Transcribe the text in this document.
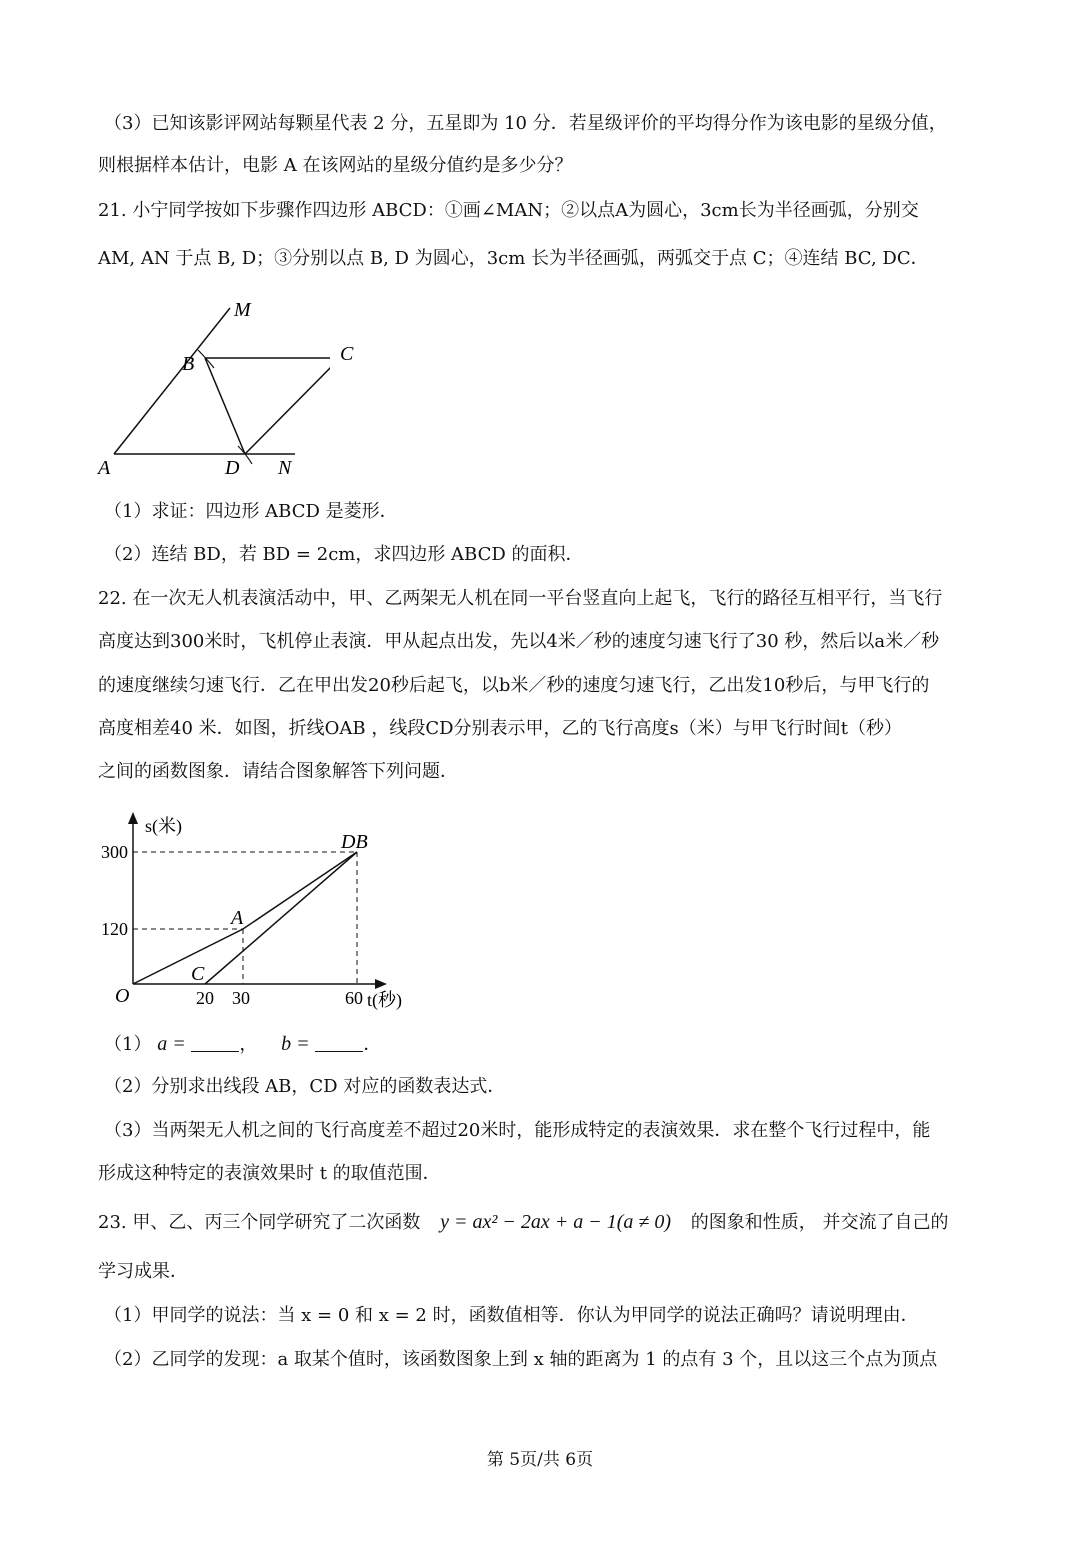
（3）已知该影评网站每颗星代表 2 分，五星即为 10 分．若星级评价的平均得分作为该电影的星级分值，
则根据样本估计，电影 A 在该网站的星级分值约是多少分？
21. 小宁同学按如下步骤作四边形 ABCD：①画∠MAN；②以点A为圆心，3cm长为半径画弧，分别交
AM, AN 于点 B, D；③分别以点 B, D 为圆心，3cm 长为半径画弧，两弧交于点 C；④连结 BC, DC．
M
B
A	D N
C
（1）求证：四边形 ABCD 是菱形．
（2）连结 BD，若 BD = 2cm，求四边形 ABCD 的面积．
22. 在一次无人机表演活动中，甲、乙两架无人机在同一平台竖直向上起飞，飞行的路径互相平行，当飞行
高度达到300米时，飞机停止表演．甲从起点出发，先以4米／秒的速度匀速飞行了30 秒，然后以a米／秒
的速度继续匀速飞行．乙在甲出发20秒后起飞，以b米／秒的速度匀速飞行，乙出发10秒后，与甲飞行的
高度相差40 米．如图，折线OAB ，线段CD分别表示甲，乙的飞行高度s（米）与甲飞行时间t（秒）
之间的函数图象．请结合图象解答下列问题．
s(米)
t(秒)
300
120
20 30	60
O
A
C
DB
（1） a =	， b =	．
（2）分别求出线段 AB，CD 对应的函数表达式．
（3）当两架无人机之间的飞行高度差不超过20米时，能形成特定的表演效果．求在整个飞行过程中，能
形成这种特定的表演效果时 t 的取值范围．
23. 甲、乙、丙三个同学研究了二次函数 y = ax² − 2ax + a − 1(a ≠ 0) 的图象和性质， 并交流了自己的
学习成果．
（1）甲同学的说法：当 x = 0 和 x = 2 时，函数值相等．你认为甲同学的说法正确吗？请说明理由．
（2）乙同学的发现：a 取某个值时，该函数图象上到 x 轴的距离为 1 的点有 3 个，且以这三个点为顶点
第 5页/共 6页
